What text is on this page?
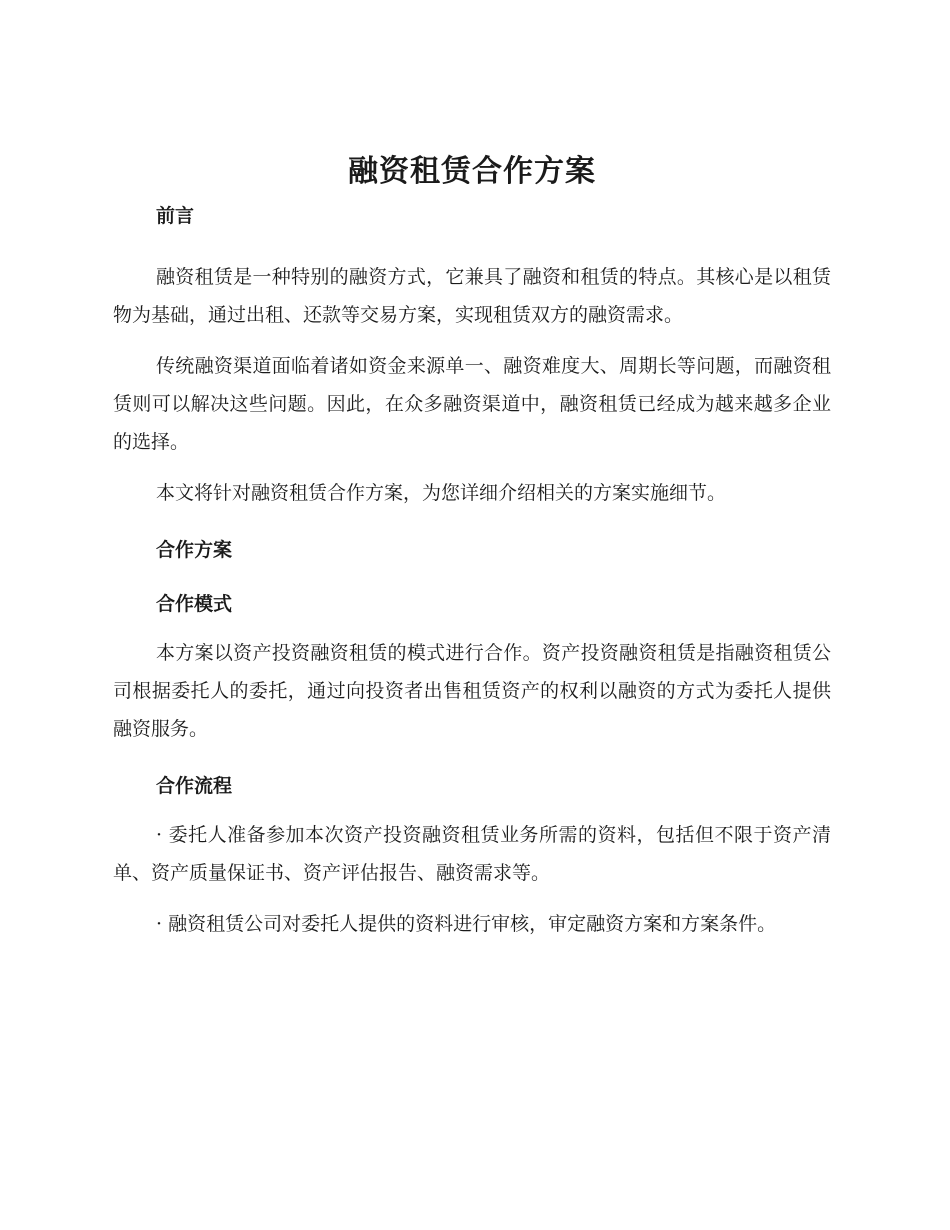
融资租赁合作方案
前言

融资租赁是一种特别的融资方式，它兼具了融资和租赁的特点。其核心是以租赁物为基础，通过出租、还款等交易方案，实现租赁双方的融资需求。

传统融资渠道面临着诸如资金来源单一、融资难度大、周期长等问题，而融资租赁则可以解决这些问题。因此，在众多融资渠道中，融资租赁已经成为越来越多企业的选择。

本文将针对融资租赁合作方案，为您详细介绍相关的方案实施细节。

合作方案
合作模式

本方案以资产投资融资租赁的模式进行合作。资产投资融资租赁是指融资租赁公司根据委托人的委托，通过向投资者出售租赁资产的权利以融资的方式为委托人提供融资服务。

合作流程

· 委托人准备参加本次资产投资融资租赁业务所需的资料，包括但不限于资产清单、资产质量保证书、资产评估报告、融资需求等。

· 融资租赁公司对委托人提供的资料进行审核，审定融资方案和方案条件。
